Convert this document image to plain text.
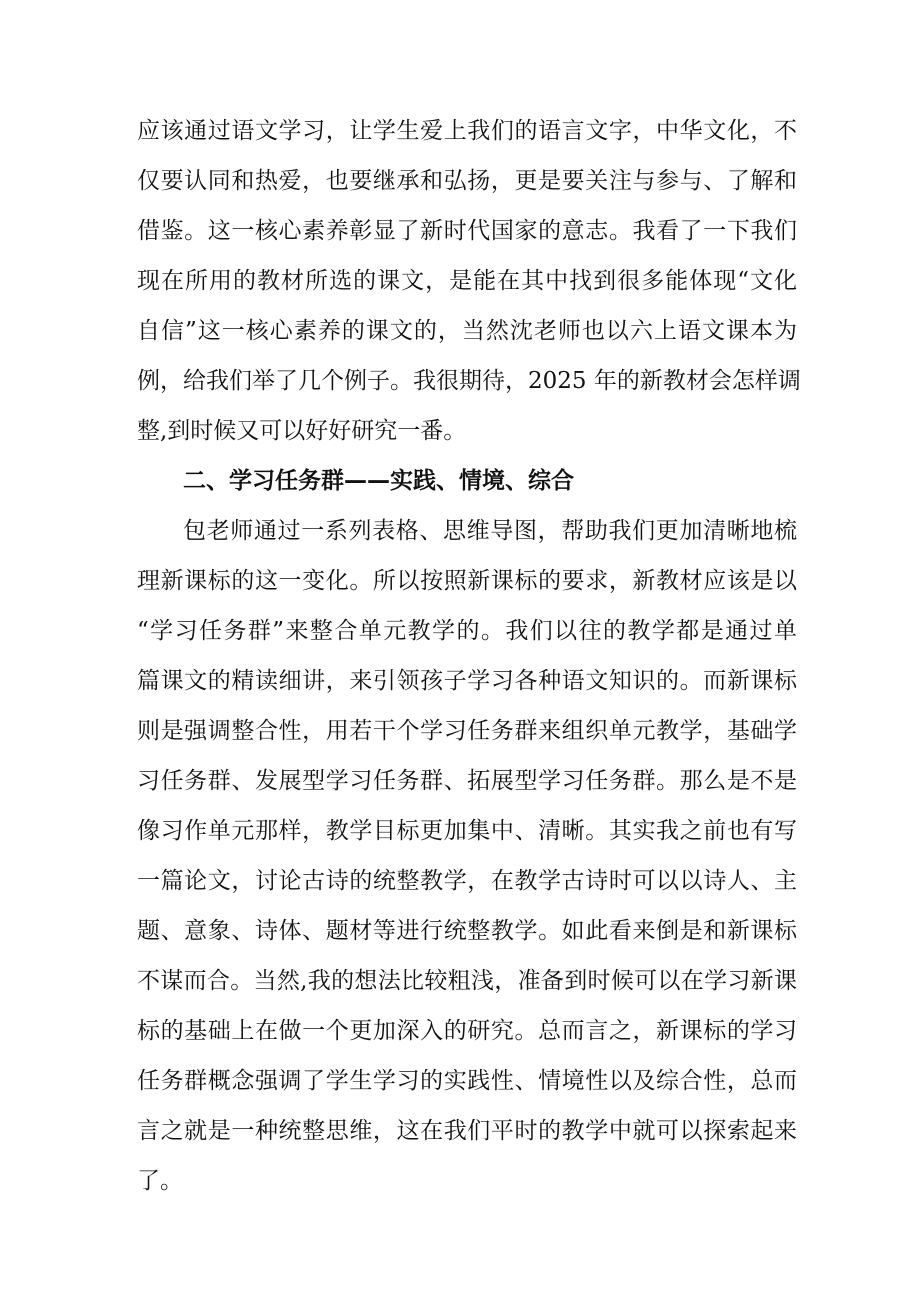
应该通过语文学习，让学生爱上我们的语言文字，中华文化，不
仅要认同和热爱，也要继承和弘扬，更是要关注与参与、了解和
借鉴。这一核心素养彰显了新时代国家的意志。我看了一下我们
现在所用的教材所选的课文，是能在其中找到很多能体现“文化
自信”这一核心素养的课文的，当然沈老师也以六上语文课本为
例，给我们举了几个例子。我很期待，2025 年的新教材会怎样调
整,到时候又可以好好研究一番。
二、学习任务群——实践、情境、综合
包老师通过一系列表格、思维导图，帮助我们更加清晰地梳
理新课标的这一变化。所以按照新课标的要求，新教材应该是以
“学习任务群”来整合单元教学的。我们以往的教学都是通过单
篇课文的精读细讲，来引领孩子学习各种语文知识的。而新课标
则是强调整合性，用若干个学习任务群来组织单元教学，基础学
习任务群、发展型学习任务群、拓展型学习任务群。那么是不是
像习作单元那样，教学目标更加集中、清晰。其实我之前也有写
一篇论文，讨论古诗的统整教学，在教学古诗时可以以诗人、主
题、意象、诗体、题材等进行统整教学。如此看来倒是和新课标
不谋而合。当然,我的想法比较粗浅，准备到时候可以在学习新课
标的基础上在做一个更加深入的研究。总而言之，新课标的学习
任务群概念强调了学生学习的实践性、情境性以及综合性，总而
言之就是一种统整思维，这在我们平时的教学中就可以探索起来
了。
